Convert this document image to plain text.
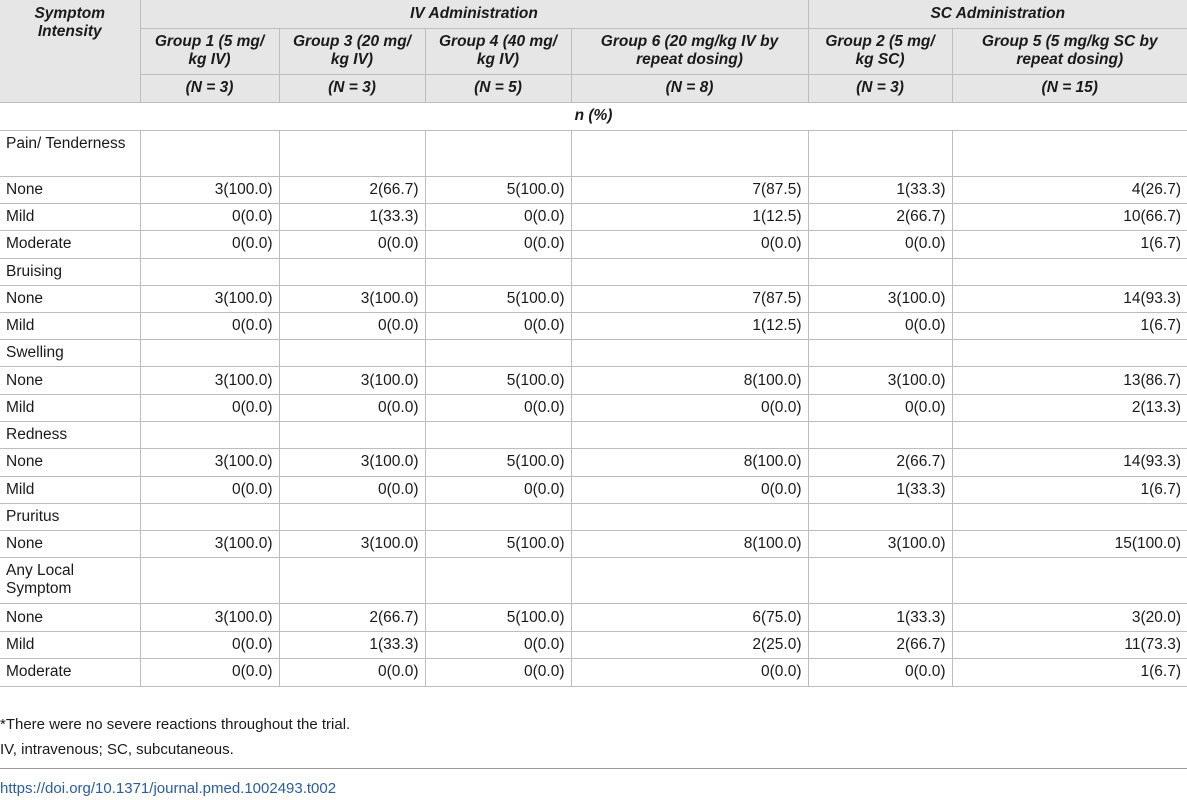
Symptom Intensity	IV Administration				SC Administration	
	Group 1 (5 mg/ kg IV)	Group 3 (20 mg/ kg IV)	Group 4 (40 mg/ kg IV)	Group 6 (20 mg/kg IV by repeat dosing)	Group 2 (5 mg/ kg SC)	Group 5 (5 mg/kg SC by repeat dosing)
	(N = 3)	(N = 3)	(N = 5)	(N = 8)	(N = 3)	(N = 15)
n (%)						
Pain/ Tenderness						
None	3(100.0)	2(66.7)	5(100.0)	7(87.5)	1(33.3)	4(26.7)
Mild	0(0.0)	1(33.3)	0(0.0)	1(12.5)	2(66.7)	10(66.7)
Moderate	0(0.0)	0(0.0)	0(0.0)	0(0.0)	0(0.0)	1(6.7)
Bruising						
None	3(100.0)	3(100.0)	5(100.0)	7(87.5)	3(100.0)	14(93.3)
Mild	0(0.0)	0(0.0)	0(0.0)	1(12.5)	0(0.0)	1(6.7)
Swelling						
None	3(100.0)	3(100.0)	5(100.0)	8(100.0)	3(100.0)	13(86.7)
Mild	0(0.0)	0(0.0)	0(0.0)	0(0.0)	0(0.0)	2(13.3)
Redness						
None	3(100.0)	3(100.0)	5(100.0)	8(100.0)	2(66.7)	14(93.3)
Mild	0(0.0)	0(0.0)	0(0.0)	0(0.0)	1(33.3)	1(6.7)
Pruritus						
None	3(100.0)	3(100.0)	5(100.0)	8(100.0)	3(100.0)	15(100.0)
Any Local Symptom						
None	3(100.0)	2(66.7)	5(100.0)	6(75.0)	1(33.3)	3(20.0)
Mild	0(0.0)	1(33.3)	0(0.0)	2(25.0)	2(66.7)	11(73.3)
Moderate	0(0.0)	0(0.0)	0(0.0)	0(0.0)	0(0.0)	1(6.7)
*There were no severe reactions throughout the trial.
IV, intravenous; SC, subcutaneous.
https://doi.org/10.1371/journal.pmed.1002493.t002
